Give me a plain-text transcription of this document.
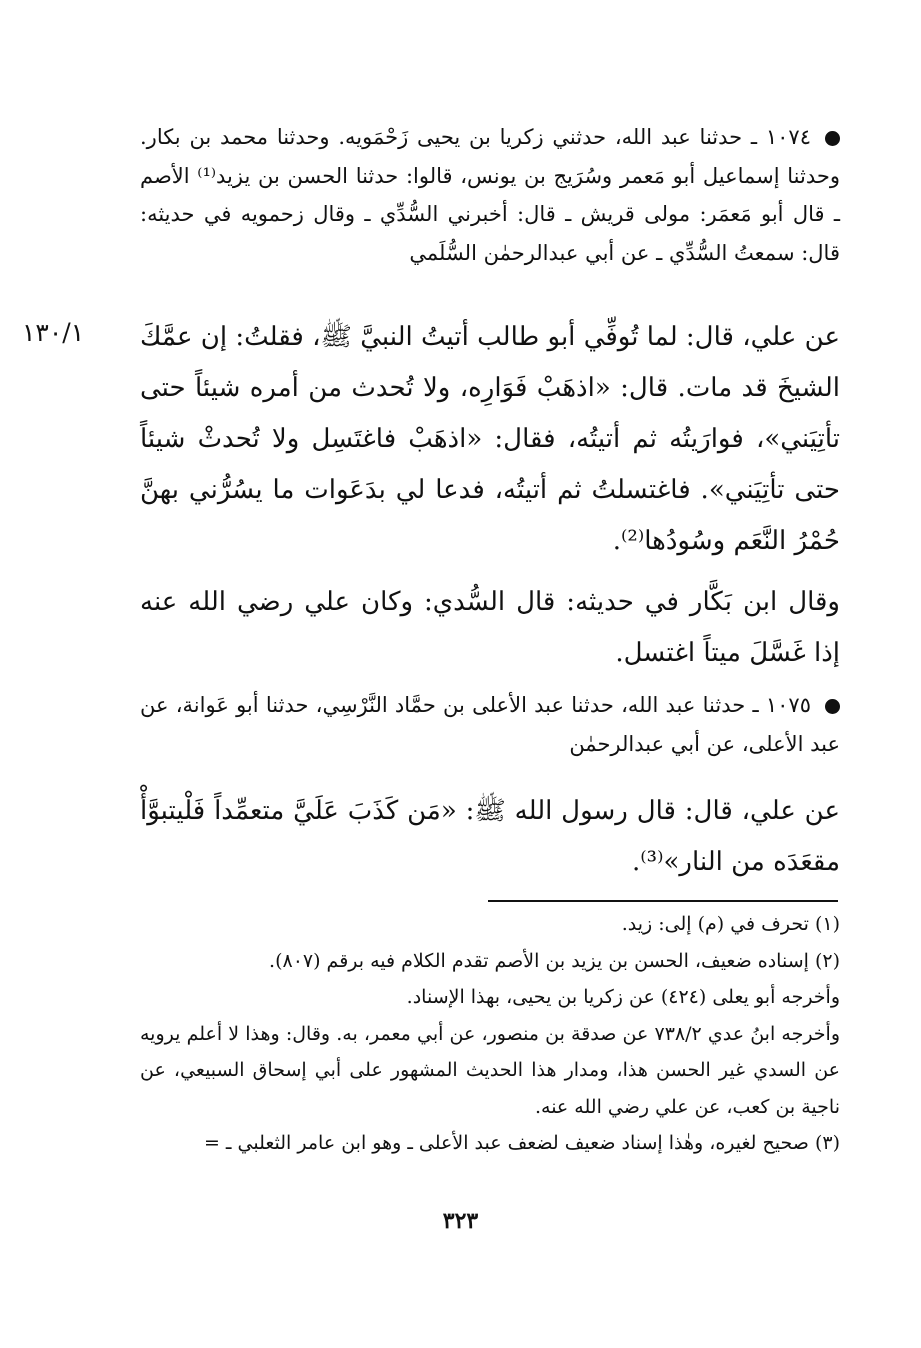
١٠٧٤ ـ حدثنا عبد الله، حدثني زكريا بن يحيى زَحْمَويه. وحدثنا محمد بن بكار. وحدثنا إسماعيل أبو مَعمر وسُرَيج بن يونس، قالوا: حدثنا الحسن بن يزيد⁽¹⁾ الأصم ـ قال أبو مَعمَر: مولى قريش ـ قال: أخبرني السُّدِّي ـ وقال زحمويه في حديثه: قال: سمعتُ السُّدِّي ـ عن أبي عبدالرحمٰن السُّلَمي
١٣٠/١	عن علي، قال: لما تُوفِّي أبو طالب أتيتُ النبيَّ ﷺ، فقلتُ: إن عمَّكَ الشيخَ قد مات. قال: «اذهَبْ فَوَارِه، ولا تُحدث من أمره شيئاً حتى تأتِيَني»، فوارَيتُه ثم أتيتُه، فقال: «اذهَبْ فاغتَسِل ولا تُحدثْ شيئاً حتى تأتِيَني». فاغتسلتُ ثم أتيتُه، فدعا لي بدَعَوات ما يسُرُّني بهنَّ حُمْرُ النَّعَم وسُودُها⁽²⁾.
وقال ابن بَكَّار في حديثه: قال السُّدي: وكان علي رضي الله عنه إذا غَسَّلَ ميتاً اغتسل.
١٠٧٥ ـ حدثنا عبد الله، حدثنا عبد الأعلى بن حمَّاد النَّرْسِي، حدثنا أبو عَوانة، عن عبد الأعلى، عن أبي عبدالرحمٰن
عن علي، قال: قال رسول الله ﷺ: «مَن كَذَبَ عَلَيَّ متعمِّداً فَلْيتبوَّأْ مقعَدَه من النار»⁽³⁾.

(١) تحرف في (م) إلى: زيد.

(٢) إسناده ضعيف، الحسن بن يزيد بن الأصم تقدم الكلام فيه برقم (٨٠٧).

وأخرجه أبو يعلى (٤٢٤) عن زكريا بن يحيى، بهذا الإسناد.

وأخرجه ابنُ عدي ٧٣٨/٢ عن صدقة بن منصور، عن أبي معمر، به. وقال: وهذا لا أعلم يرويه عن السدي غير الحسن هذا، ومدار هذا الحديث المشهور على أبي إسحاق السبيعي، عن ناجية بن كعب، عن علي رضي الله عنه.

(٣) صحيح لغيره، وهٰذا إسناد ضعيف لضعف عبد الأعلى ـ وهو ابن عامر الثعلبي ـ =

٣٢٣
